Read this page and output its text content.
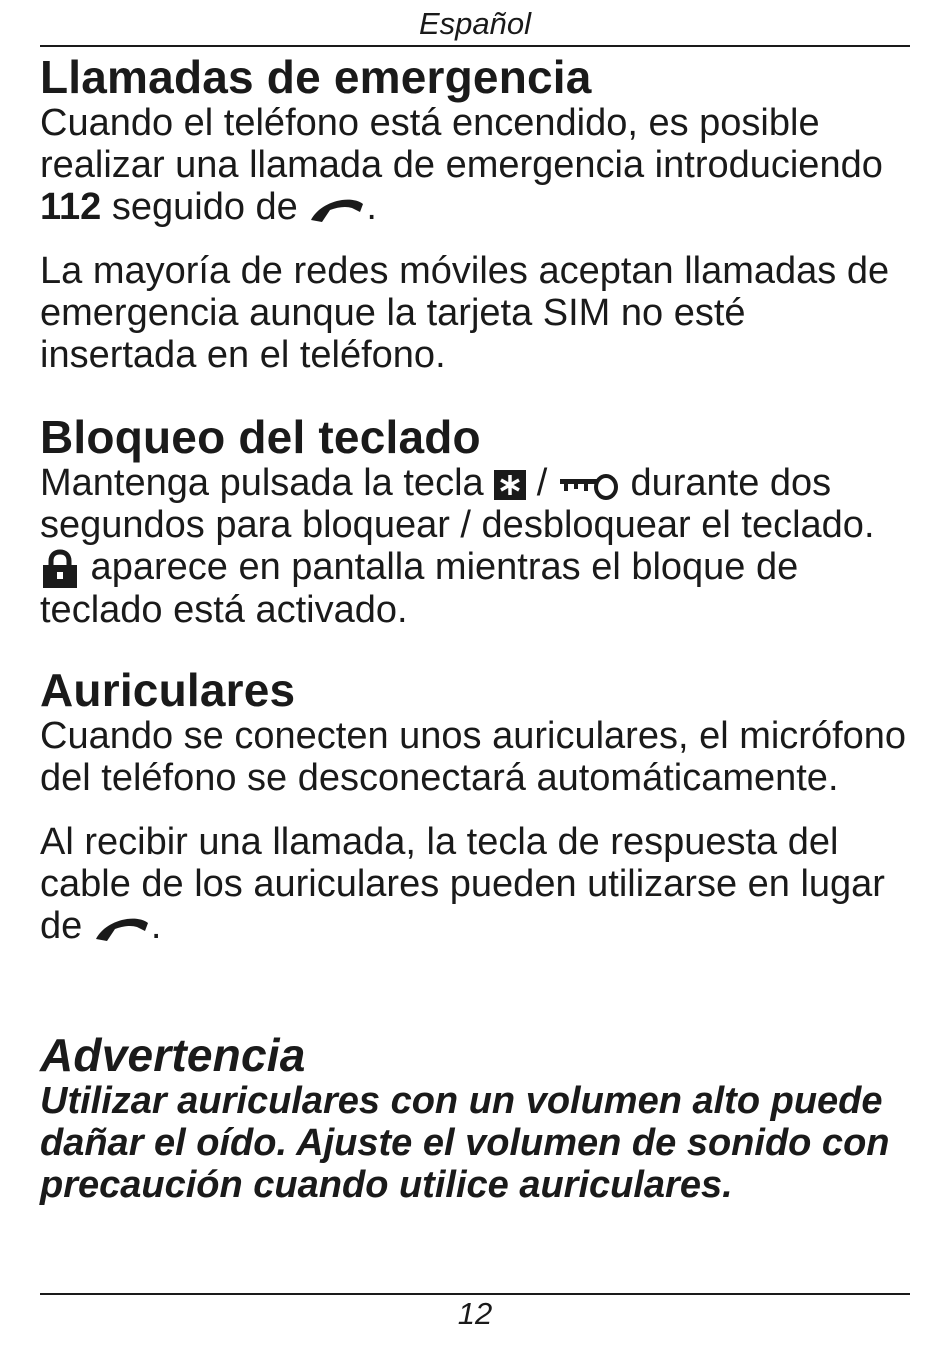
Español
Llamadas de emergencia

Cuando el teléfono está encendido, es posible realizar una llamada de emergencia introduciendo 112 seguido de
.

La mayoría de redes móviles aceptan llamadas de emergencia aunque la tarjeta SIM no esté insertada en el teléfono.

Bloqueo del teclado

Mantenga pulsada la tecla
/
durante dos segundos para bloquear / desbloquear el teclado.
aparece en pantalla mientras el bloque de teclado está activado.

Auriculares

Cuando se conecten unos auriculares, el micrófono del teléfono se desconectará automáticamente.

Al recibir una llamada, la tecla de respuesta del cable de los auriculares pueden utilizarse en lugar de
.

Advertencia

Utilizar auriculares con un volumen alto puede dañar el oído. Ajuste el volumen de sonido con precaución cuando utilice auriculares.

12
